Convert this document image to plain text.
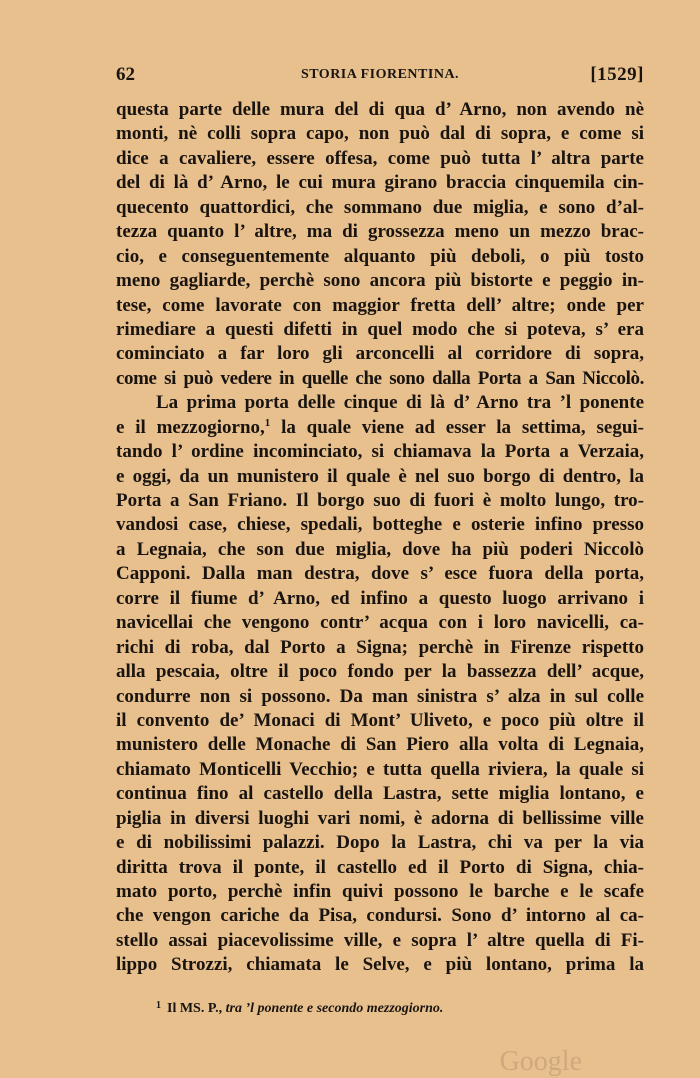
62	STORIA FIORENTINA.	[1529]
questa parte delle mura del di qua d’ Arno, non avendo nè
monti, nè colli sopra capo, non può dal di sopra, e come si
dice a cavaliere, essere offesa, come può tutta l’ altra parte
del di là d’ Arno, le cui mura girano braccia cinquemila cin-
quecento quattordici, che sommano due miglia, e sono d’al-
tezza quanto l’ altre, ma di grossezza meno un mezzo brac-
cio, e conseguentemente alquanto più deboli, o più tosto
meno gagliarde, perchè sono ancora più bistorte e peggio in-
tese, come lavorate con maggior fretta dell’ altre; onde per
rimediare a questi difetti in quel modo che si poteva, s’ era
cominciato a far loro gli arconcelli al corridore di sopra,
come si può vedere in quelle che sono dalla Porta a San Niccolò.
La prima porta delle cinque di là d’ Arno tra ’l ponente
e il mezzogiorno,$^1$ la quale viene ad esser la settima, segui-
tando l’ ordine incominciato, si chiamava la Porta a Verzaia,
e oggi, da un munistero il quale è nel suo borgo di dentro, la
Porta a San Friano. Il borgo suo di fuori è molto lungo, tro-
vandosi case, chiese, spedali, botteghe e osterie infino presso
a Legnaia, che son due miglia, dove ha più poderi Niccolò
Capponi. Dalla man destra, dove s’ esce fuora della porta,
corre il fiume d’ Arno, ed infino a questo luogo arrivano i
navicellai che vengono contr’ acqua con i loro navicelli, ca-
richi di roba, dal Porto a Signa; perchè in Firenze rispetto
alla pescaia, oltre il poco fondo per la bassezza dell’ acque,
condurre non si possono. Da man sinistra s’ alza in sul colle
il convento de’ Monaci di Mont’ Uliveto, e poco più oltre il
munistero delle Monache di San Piero alla volta di Legnaia,
chiamato Monticelli Vecchio; e tutta quella riviera, la quale si
continua fino al castello della Lastra, sette miglia lontano, e
piglia in diversi luoghi vari nomi, è adorna di bellissime ville
e di nobilissimi palazzi. Dopo la Lastra, chi va per la via
diritta trova il ponte, il castello ed il Porto di Signa, chia-
mato porto, perchè infin quivi possono le barche e le scafe
che vengon cariche da Pisa, condursi. Sono d’ intorno al ca-
stello assai piacevolissime ville, e sopra l’ altre quella di Fi-
lippo Strozzi, chiamata le Selve, e più lontano, prima la
$^1$ Il MS. P., tra ’l ponente e secondo mezzogiorno.
Google
